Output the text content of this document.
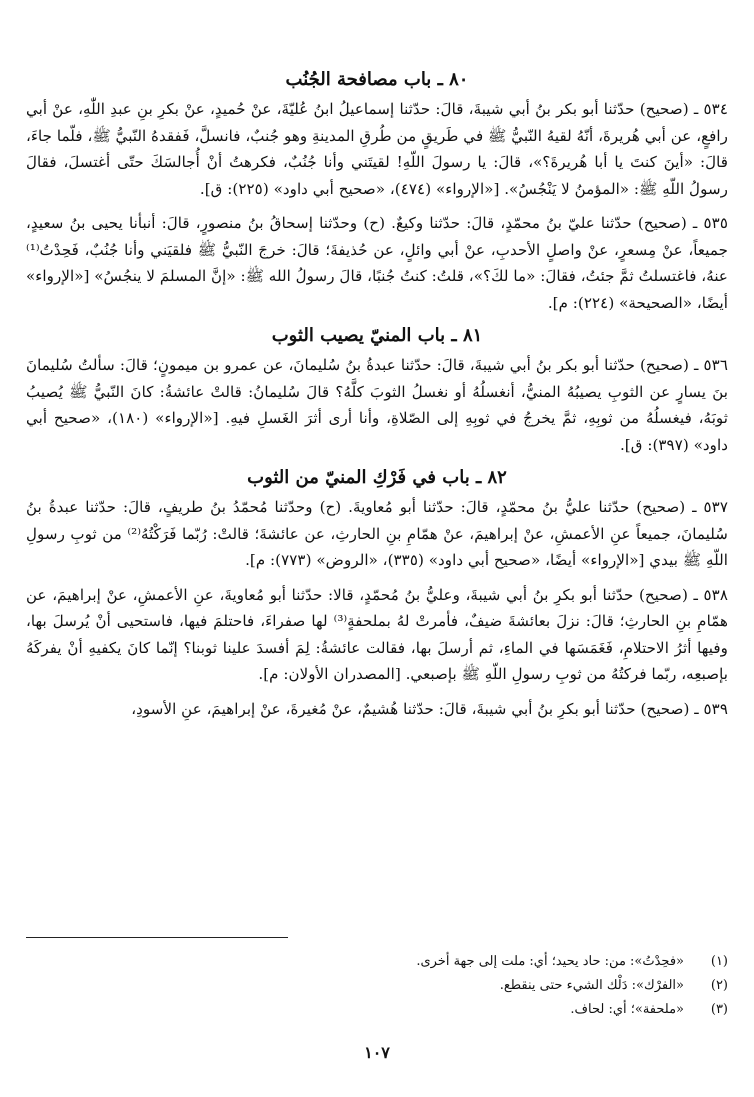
٨٠ ـ باب مصافحة الجُنُب

٥٣٤ ـ (صحيح) حدّثنا أبو بكر بنُ أبي شيبةَ، قالَ: حدّثنا إسماعيلُ ابنُ عُليّةَ، عنْ حُميدٍ، عنْ بكرِ بنِ عبدِ اللّٰهِ، عنْ أبي رافعٍ، عن أبي هُريرةَ، أنّهُ لقيهُ النّبيُّ ﷺ في طَريقٍ من طُرقِ المدينةِ وهو جُنبٌ، فانسلَّ، فَفقدهُ النّبيُّ ﷺ، فلّما جاءَ، قالَ: «أينَ كنتَ يا أبا هُريرةَ؟»، قالَ: يا رسولَ اللّهِ! لقيتَني وأنا جُنُبٌ، فكرهتُ أنْ أُجالسَكَ حتّى أغتسلَ، فقالَ رسولُ اللّهِ ﷺ: «المؤمنُ لا يَنْجُسُ». [«الإرواء» (٤٧٤)، «صحيح أبي داود» (٢٢٥): ق].

٥٣٥ ـ (صحيح) حدّثنا عليّ بنُ محمّدٍ، قالَ: حدّثنا وكيعٌ. (ح) وحدّثنا إسحاقُ بنُ منصورٍ، قالَ: أنبأنا يحيى بنُ سعيدٍ، جميعاً، عنْ مِسعرٍ، عنْ واصلٍ الأحدبِ، عنْ أبي وائلٍ، عن حُذيفةَ؛ قالَ: خرجَ النّبيُّ ﷺ فلقيَني وأنا جُنُبٌ، فَحِدْتُ⁽¹⁾ عنهُ، فاغتسلتُ ثمَّ جئتُ، فقالَ: «ما لكَ؟»، قلتُ: كنتُ جُنبًا، قالَ رسولُ الله ﷺ: «إنَّ المسلمَ لا ينجُسُ» [«الإرواء» أيضًا، «الصحيحة» (٢٢٤): م].

٨١ ـ باب المنيّ يصيب الثوب

٥٣٦ ـ (صحيح) حدّثنا أبو بكر بنُ أبي شيبةَ، قالَ: حدّثنا عبدةُ بنُ سُليمانَ، عن عمرو بن ميمونٍ؛ قالَ: سألتُ سُليمانَ بنَ يسارٍ عن الثوبِ يصيبُهُ المنيُّ، أنغسلُهُ أو نغسلُ الثوبَ كلَّهُ؟ قالَ سُليمانُ: قالتْ عائشةُ: كانَ النّبيُّ ﷺ يُصيبُ ثوبَهُ، فيغسلُهُ من ثوبِهِ، ثمَّ يخرجُ في ثوبِهِ إلى الصّلاةِ، وأنا أرى أثرَ الغَسلِ فيهِ. [«الإرواء» (١٨٠)، «صحيح أبي داود» (٣٩٧): ق].

٨٢ ـ باب في فَرْكِ المنيّ من الثوب

٥٣٧ ـ (صحيح) حدّثنا عليُّ بنُ محمّدٍ، قالَ: حدّثنا أبو مُعاويةَ. (ح) وحدّثنا مُحمّدُ بنُ طريفٍ، قالَ: حدّثنا عبدةُ بنُ سُليمانَ، جميعاً عنِ الأعمشِ، عنْ إبراهيمَ، عنْ همّامِ بنِ الحارثِ، عن عائشةَ؛ قالتْ: رُبّما فَرَكْتُهُ⁽²⁾ من ثوبِ رسولِ اللّهِ ﷺ بيدي [«الإرواء» أيضًا، «صحيح أبي داود» (٣٣٥)، «الروض» (٧٧٣): م].

٥٣٨ ـ (صحيح) حدّثنا أبو بكرِ بنُ أبي شيبةَ، وعليُّ بنُ مُحمّدٍ، قالا: حدّثنا أبو مُعاويةَ، عنِ الأعمشِ، عنْ إبراهيمَ، عن همّامِ بنِ الحارثِ؛ قالَ: نزلَ بعائشةَ ضيفٌ، فأمرتْ لهُ بملحفةٍ⁽³⁾ لها صفراءَ، فاحتلمَ فيها، فاستحيى أنْ يُرسلَ بها، وفيها أثرُ الاحتلامِ، فَغَمَسَها في الماءِ، ثم أرسلَ بها، فقالت عائشةُ: لِمَ أفسدَ علينا ثوبنا؟ إنّما كانَ يكفيهِ أنْ يفركَهُ بإصبعِه، ربّما فركتُهُ من ثوبِ رسولِ اللّهِ ﷺ بإصبعي. [المصدران الأولان: م].

٥٣٩ ـ (صحيح) حدّثنا أبو بكرِ بنُ أبي شيبةَ، قالَ: حدّثنا هُشيمٌ، عنْ مُغيرةَ، عنْ إبراهيمَ، عنِ الأسودِ،

(١)
«فحِدْتُ»: من: حاد يحيد؛ أي: ملت إلى جهة أخرى.
(٢)
«الفرْك»: دَلْك الشيء حتى ينقطع.
(٣)
«ملحفة»؛ أي: لحاف.
١٠٧
